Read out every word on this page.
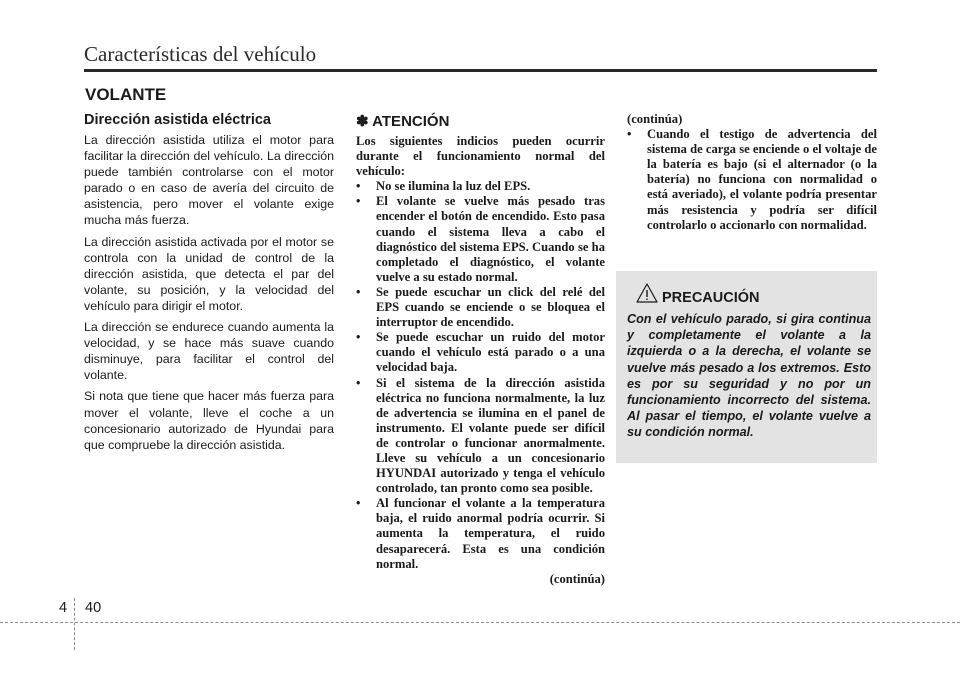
Características del vehículo
VOLANTE
Dirección asistida eléctrica

La dirección asistida utiliza el motor para facilitar la dirección del vehículo. La dirección puede también controlarse con el motor parado o en caso de avería del circuito de asistencia, pero mover el volante exige mucha más fuerza.

La dirección asistida activada por el motor se controla con la unidad de control de la dirección asistida, que detecta el par del volante, su posición, y la velocidad del vehículo para dirigir el motor.

La dirección se endurece cuando aumenta la velocidad, y se hace más suave cuando disminuye, para facilitar el control del volante.

Si nota que tiene que hacer más fuerza para mover el volante, lleve el coche a un concesionario autorizado de Hyundai para que compruebe la dirección asistida.

✽ ATENCIÓN

Los siguientes indicios pueden ocurrir durante el funcionamiento normal del vehículo:

• No se ilumina la luz del EPS.
• El volante se vuelve más pesado tras encender el botón de encendido. Esto pasa cuando el sistema lleva a cabo el diagnóstico del sistema EPS. Cuando se ha completado el diagnóstico, el volante vuelve a su estado normal.
• Se puede escuchar un click del relé del EPS cuando se enciende o se bloquea el interruptor de encendido.
• Se puede escuchar un ruido del motor cuando el vehículo está parado o a una velocidad baja.
• Si el sistema de la dirección asistida eléctrica no funciona normalmente, la luz de advertencia se ilumina en el panel de instrumento. El volante puede ser difícil de controlar o funcionar anormalmente. Lleve su vehículo a un concesionario HYUNDAI autorizado y tenga el vehículo controlado, tan pronto como sea posible.
• Al funcionar el volante a la temperatura baja, el ruido anormal podría ocurrir. Si aumenta la temperatura, el ruido desaparecerá. Esta es una condición normal.

(continúa)

(continúa)

• Cuando el testigo de advertencia del sistema de carga se enciende o el voltaje de la batería es bajo (si el alternador (o la batería) no funciona con normalidad o está averiado), el volante podría presentar más resistencia y podría ser difícil controlarlo o accionarlo con normalidad.
PRECAUCIÓN

Con el vehículo parado, si gira continua y completamente el volante a la izquierda o a la derecha, el volante se vuelve más pesado a los extremos. Esto es por su seguridad y no por un funcionamiento incorrecto del sistema. Al pasar el tiempo, el volante vuelve a su condición normal.

4 40
